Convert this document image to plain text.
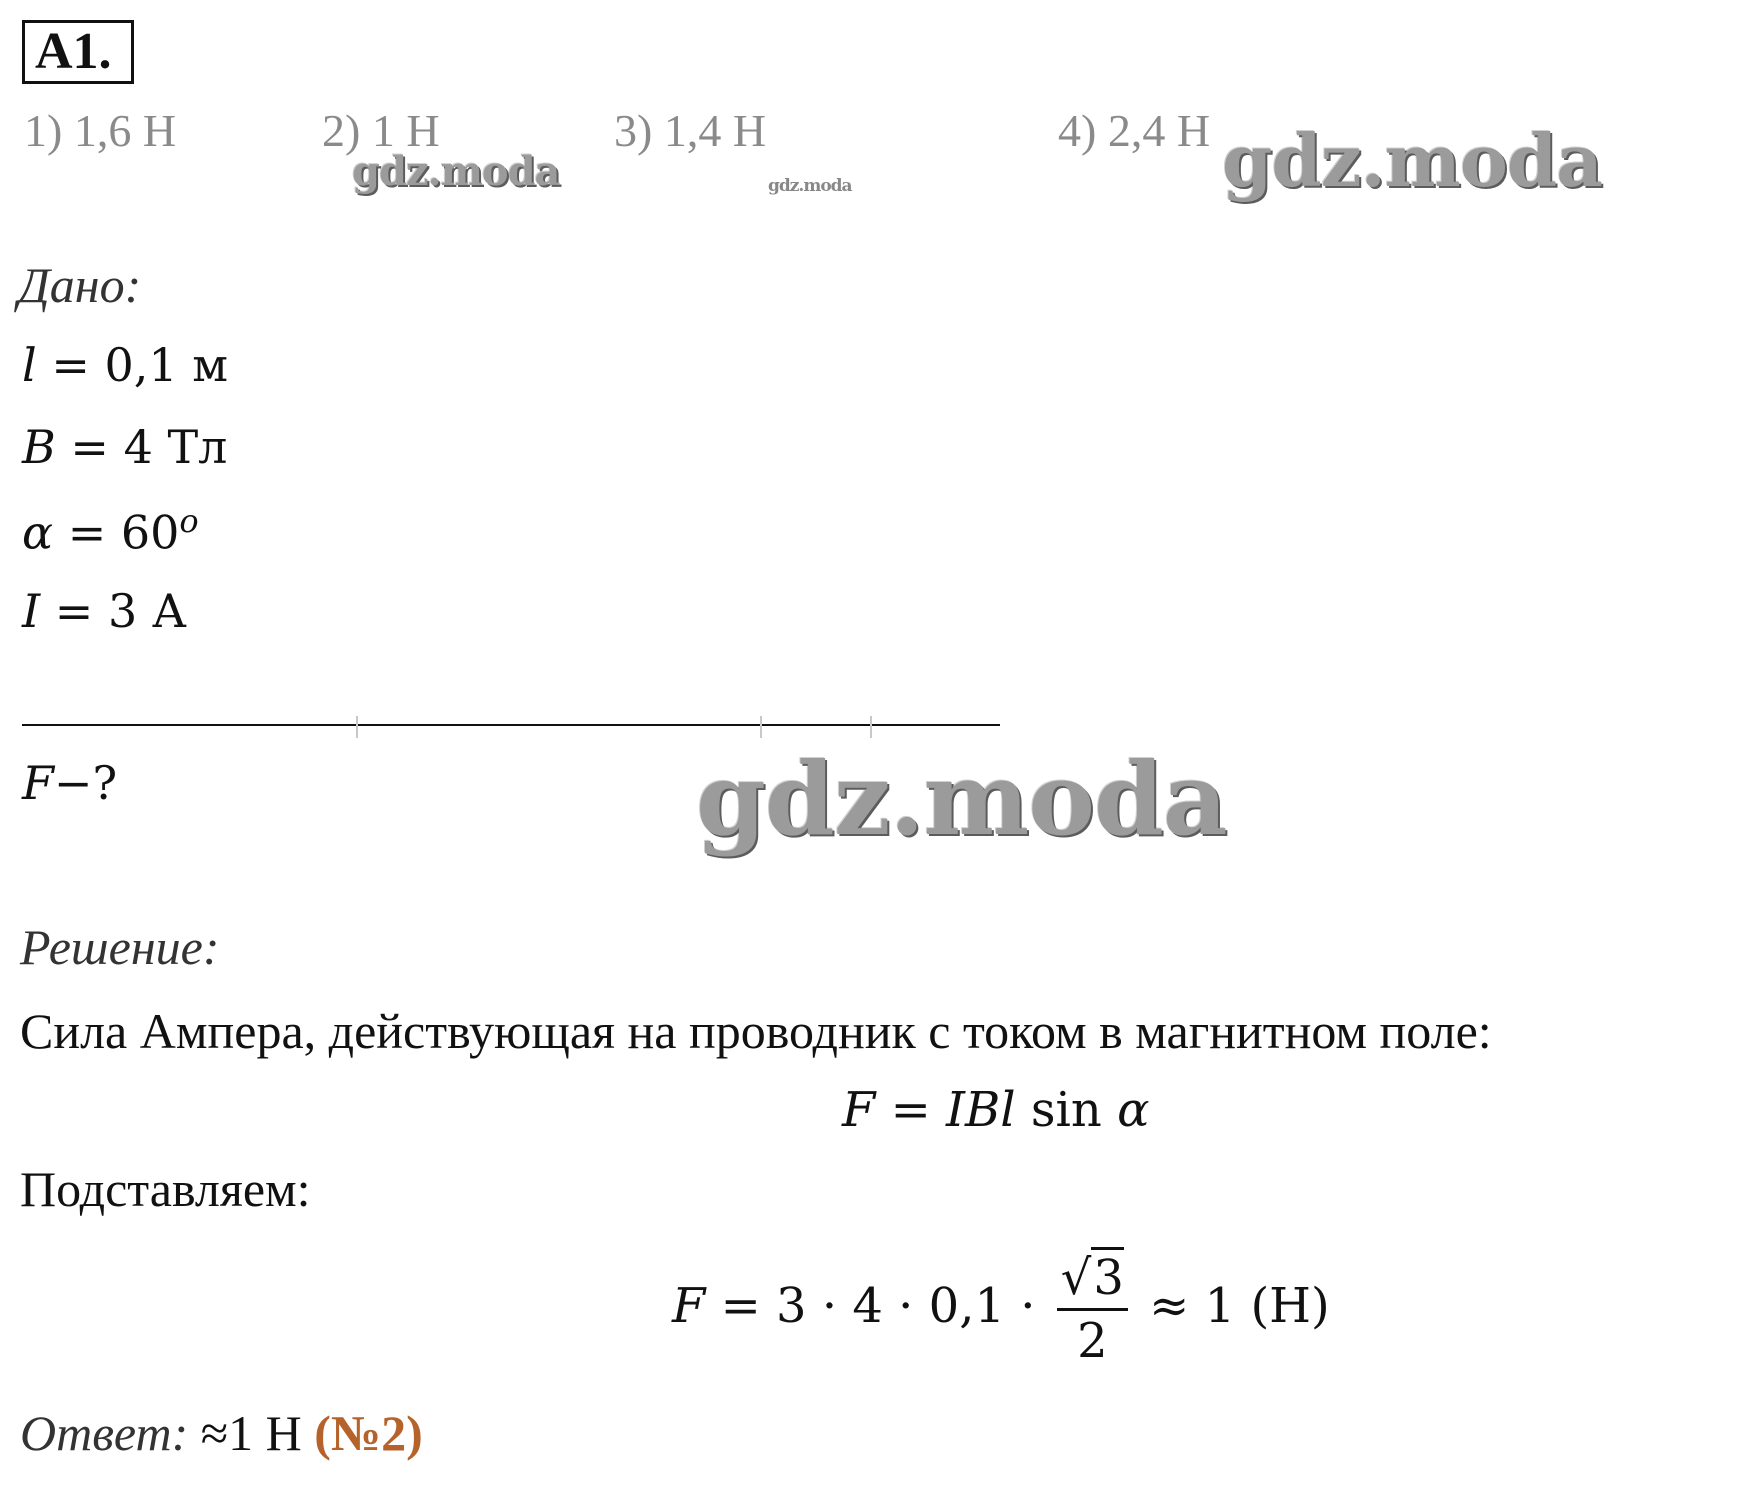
A1.
1) 1,6 Н	2) 1 Н	3) 1,4 Н	4) 2,4 Н
gdz.moda	gdz.moda	gdz.moda
gdz.moda
Дано:
l = 0,1 м
B = 4 Тл
$\alpha = 60^o$
I = 3 А
F−?
Решение:
Сила Ампера, действующая на проводник с током в магнитном поле:
F = IBl sin α
Подставляем:
$F = 3 \cdot 4 \cdot 0,1 \cdot \frac{√3}{2} \approx 1$ (Н)
Ответ: ≈1 Н (№2)
